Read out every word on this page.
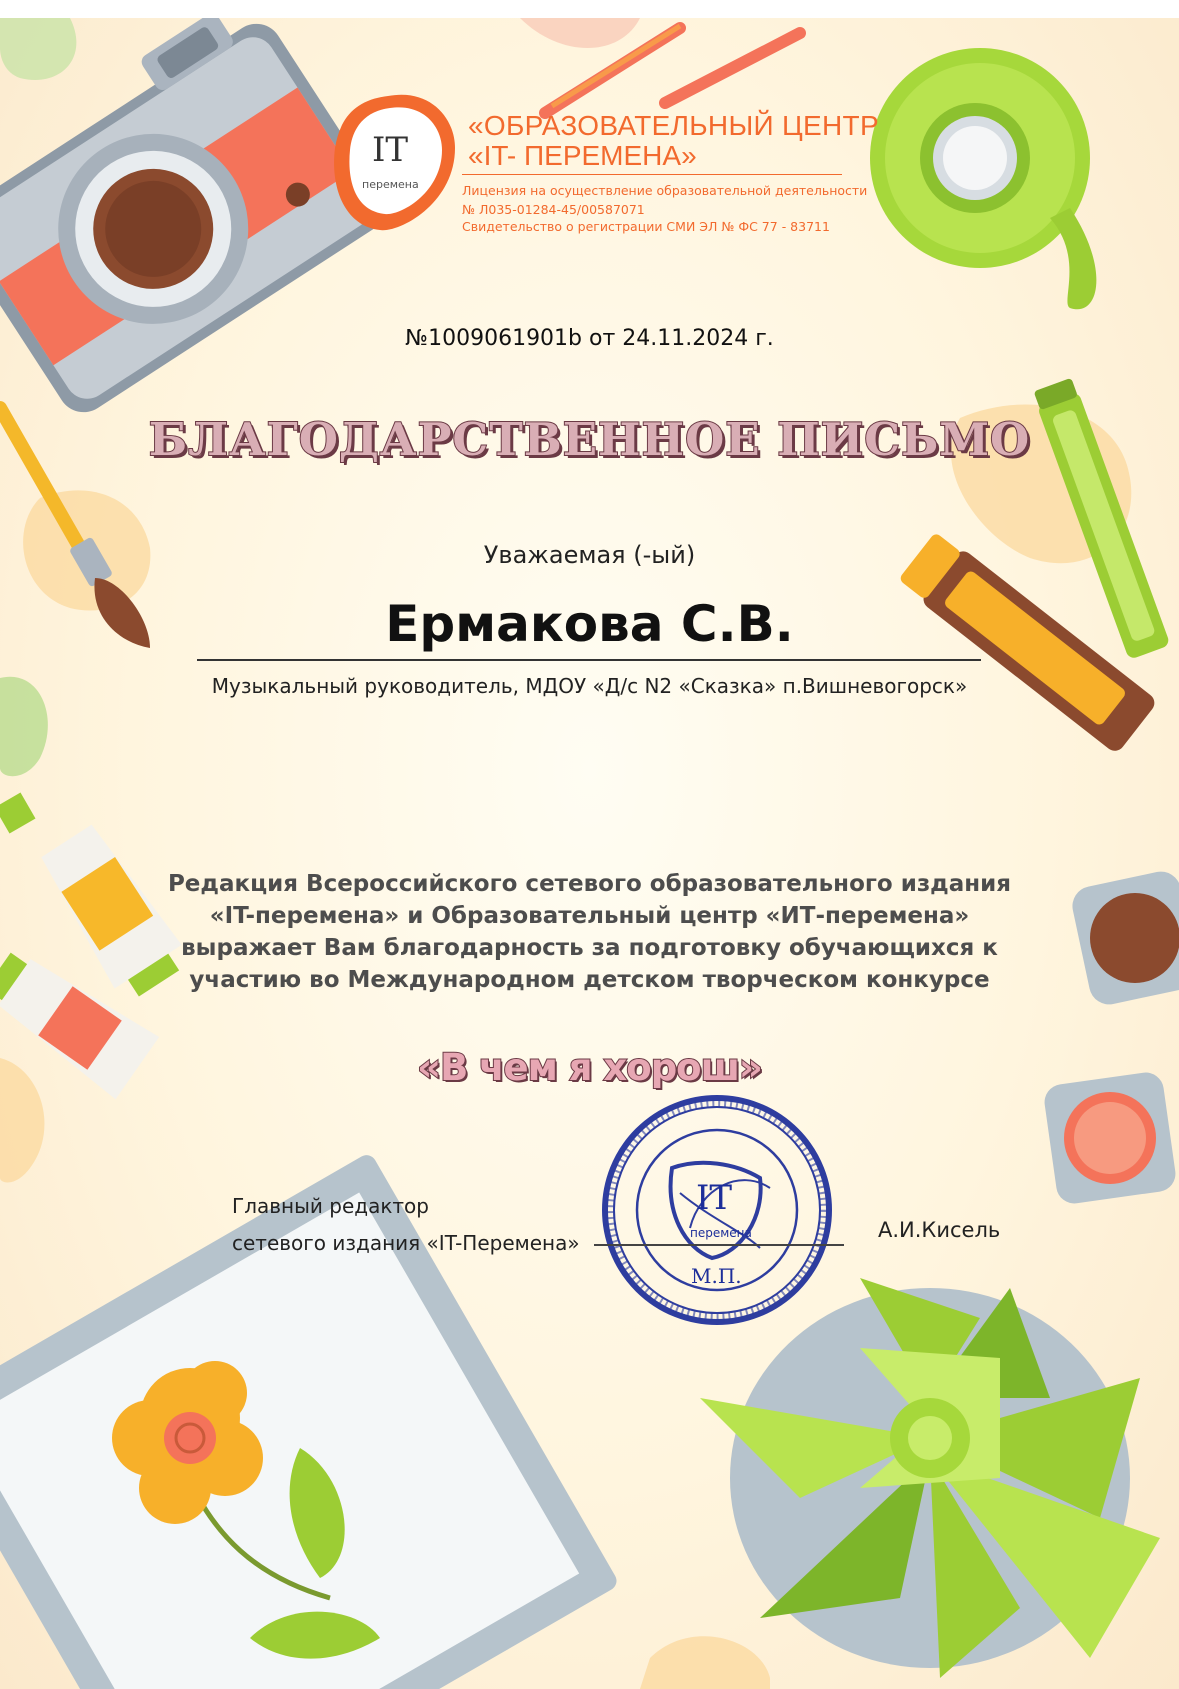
IT
перемена
«ОБРАЗОВАТЕЛЬНЫЙ ЦЕНТР
«IT- ПЕРЕМЕНА»
Лицензия на осуществление образовательной деятельности
№ Л035-01284-45/00587071
Свидетельство о регистрации СМИ ЭЛ № ФС 77 - 83711
№1009061901b от 24.11.2024 г.
БЛАГОДАРСТВЕННОЕ ПИСЬМО
Уважаемая (-ый)
Ермакова С.В.
Музыкальный руководитель, МДОУ «Д/с N2 «Сказка» п.Вишневогорск»
Редакция Всероссийского сетевого образовательного издания
«IT-перемена» и Образовательный центр «ИТ-перемена»
выражает Вам благодарность за подготовку обучающихся к
участию во Международном детском творческом конкурсе
«В чем я хорош»
Главный редактор
сетевого издания «IT-Перемена»
А.И.Кисель
IT
перемена
М.П.
